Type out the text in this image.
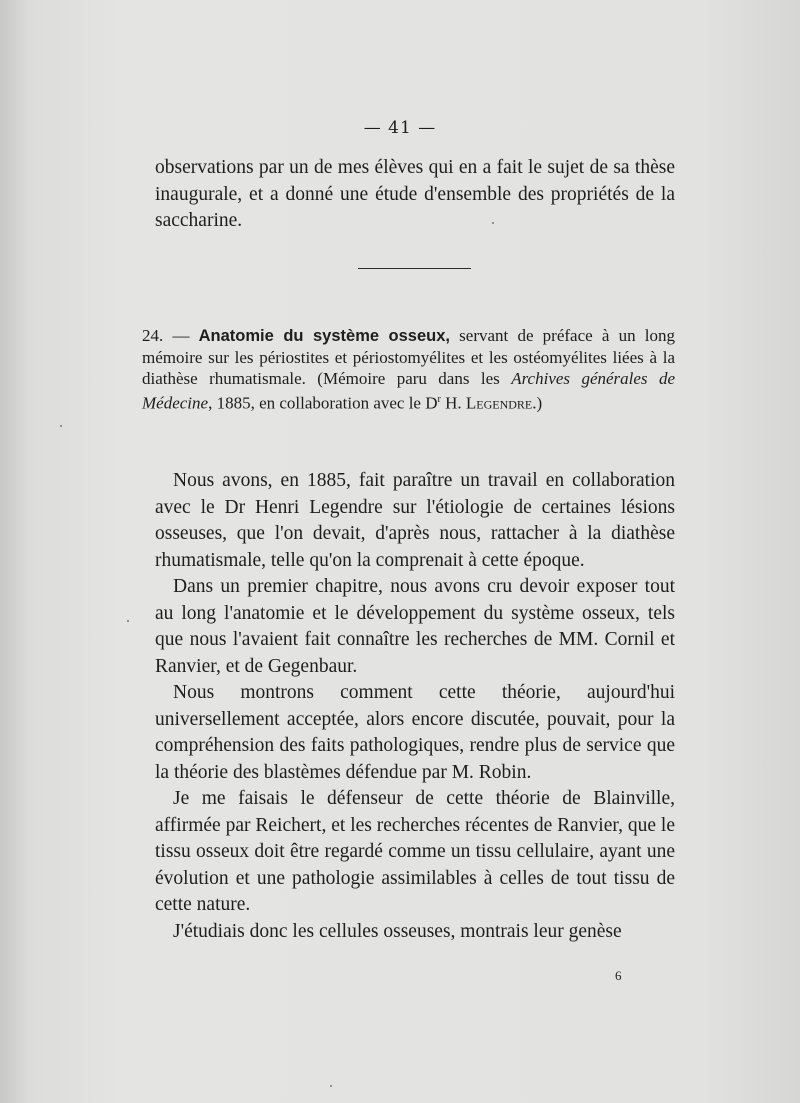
— 41 —

observations par un de mes élèves qui en a fait le sujet de sa thèse inaugurale, et a donné une étude d'ensemble des propriétés de la saccharine.

24. — Anatomie du système osseux, servant de préface à un long mémoire sur les périostites et périostomyélites et les ostéomyélites liées à la diathèse rhumatismale. (Mémoire paru dans les Archives générales de Médecine, 1885, en collaboration avec le $D^r$ H. Legendre.)

Nous avons, en 1885, fait paraître un travail en collaboration avec le Dr Henri Legendre sur l'étiologie de certaines lésions osseuses, que l'on devait, d'après nous, rattacher à la diathèse rhumatismale, telle qu'on la comprenait à cette époque.

Dans un premier chapitre, nous avons cru devoir exposer tout au long l'anatomie et le développement du système osseux, tels que nous l'avaient fait connaître les recherches de MM. Cornil et Ranvier, et de Gegenbaur.

Nous montrons comment cette théorie, aujourd'hui universellement acceptée, alors encore discutée, pouvait, pour la compréhension des faits pathologiques, rendre plus de service que la théorie des blastèmes défendue par M. Robin.

Je me faisais le défenseur de cette théorie de Blainville, affirmée par Reichert, et les recherches récentes de Ranvier, que le tissu osseux doit être regardé comme un tissu cellulaire, ayant une évolution et une pathologie assimilables à celles de tout tissu de cette nature.

J'étudiais donc les cellules osseuses, montrais leur genèse

6
